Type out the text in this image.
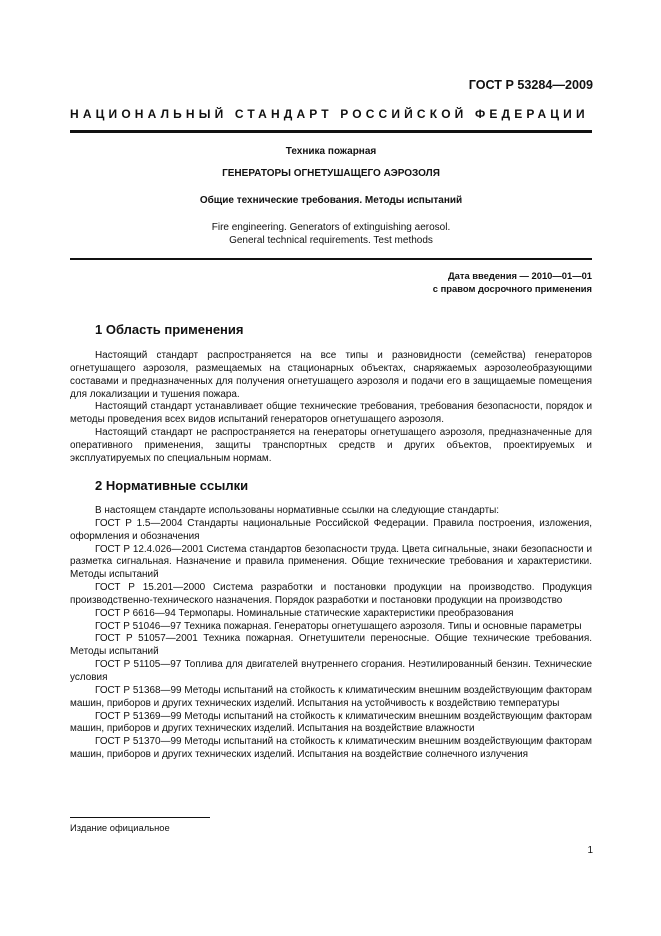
ГОСТ Р 53284—2009
НАЦИОНАЛЬНЫЙ СТАНДАРТ РОССИЙСКОЙ ФЕДЕРАЦИИ
Техника пожарная
ГЕНЕРАТОРЫ ОГНЕТУШАЩЕГО АЭРОЗОЛЯ
Общие технические требования. Методы испытаний
Fire engineering. Generators of extinguishing aerosol.
General technical requirements. Test methods
Дата введения — 2010—01—01
с правом досрочного применения
1 Область применения

Настоящий стандарт распространяется на все типы и разновидности (семейства) генераторов огнетушащего аэрозоля, размещаемых на стационарных объектах, снаряжаемых аэрозолеобразующими составами и предназначенных для получения огнетушащего аэрозоля и подачи его в защищаемые помещения для локализации и тушения пожара.

Настоящий стандарт устанавливает общие технические требования, требования безопасности, порядок и методы проведения всех видов испытаний генераторов огнетушащего аэрозоля.

Настоящий стандарт не распространяется на генераторы огнетушащего аэрозоля, предназначенные для оперативного применения, защиты транспортных средств и других объектов, проектируемых и эксплуатируемых по специальным нормам.

2 Нормативные ссылки

В настоящем стандарте использованы нормативные ссылки на следующие стандарты:

ГОСТ Р 1.5—2004 Стандарты национальные Российской Федерации. Правила построения, изложения, оформления и обозначения

ГОСТ Р 12.4.026—2001 Система стандартов безопасности труда. Цвета сигнальные, знаки безопасности и разметка сигнальная. Назначение и правила применения. Общие технические требования и характеристики. Методы испытаний

ГОСТ Р 15.201—2000 Система разработки и постановки продукции на производство. Продукция производственно-технического назначения. Порядок разработки и постановки продукции на производство

ГОСТ Р 6616—94 Термопары. Номинальные статические характеристики преобразования

ГОСТ Р 51046—97 Техника пожарная. Генераторы огнетушащего аэрозоля. Типы и основные параметры

ГОСТ Р 51057—2001 Техника пожарная. Огнетушители переносные. Общие технические требования. Методы испытаний

ГОСТ Р 51105—97 Топлива для двигателей внутреннего сгорания. Неэтилированный бензин. Технические условия

ГОСТ Р 51368—99 Методы испытаний на стойкость к климатическим внешним воздействующим факторам машин, приборов и других технических изделий. Испытания на устойчивость к воздействию температуры

ГОСТ Р 51369—99 Методы испытаний на стойкость к климатическим внешним воздействующим факторам машин, приборов и других технических изделий. Испытания на воздействие влажности

ГОСТ Р 51370—99 Методы испытаний на стойкость к климатическим внешним воздействующим факторам машин, приборов и других технических изделий. Испытания на воздействие солнечного излучения

Издание официальное
1
